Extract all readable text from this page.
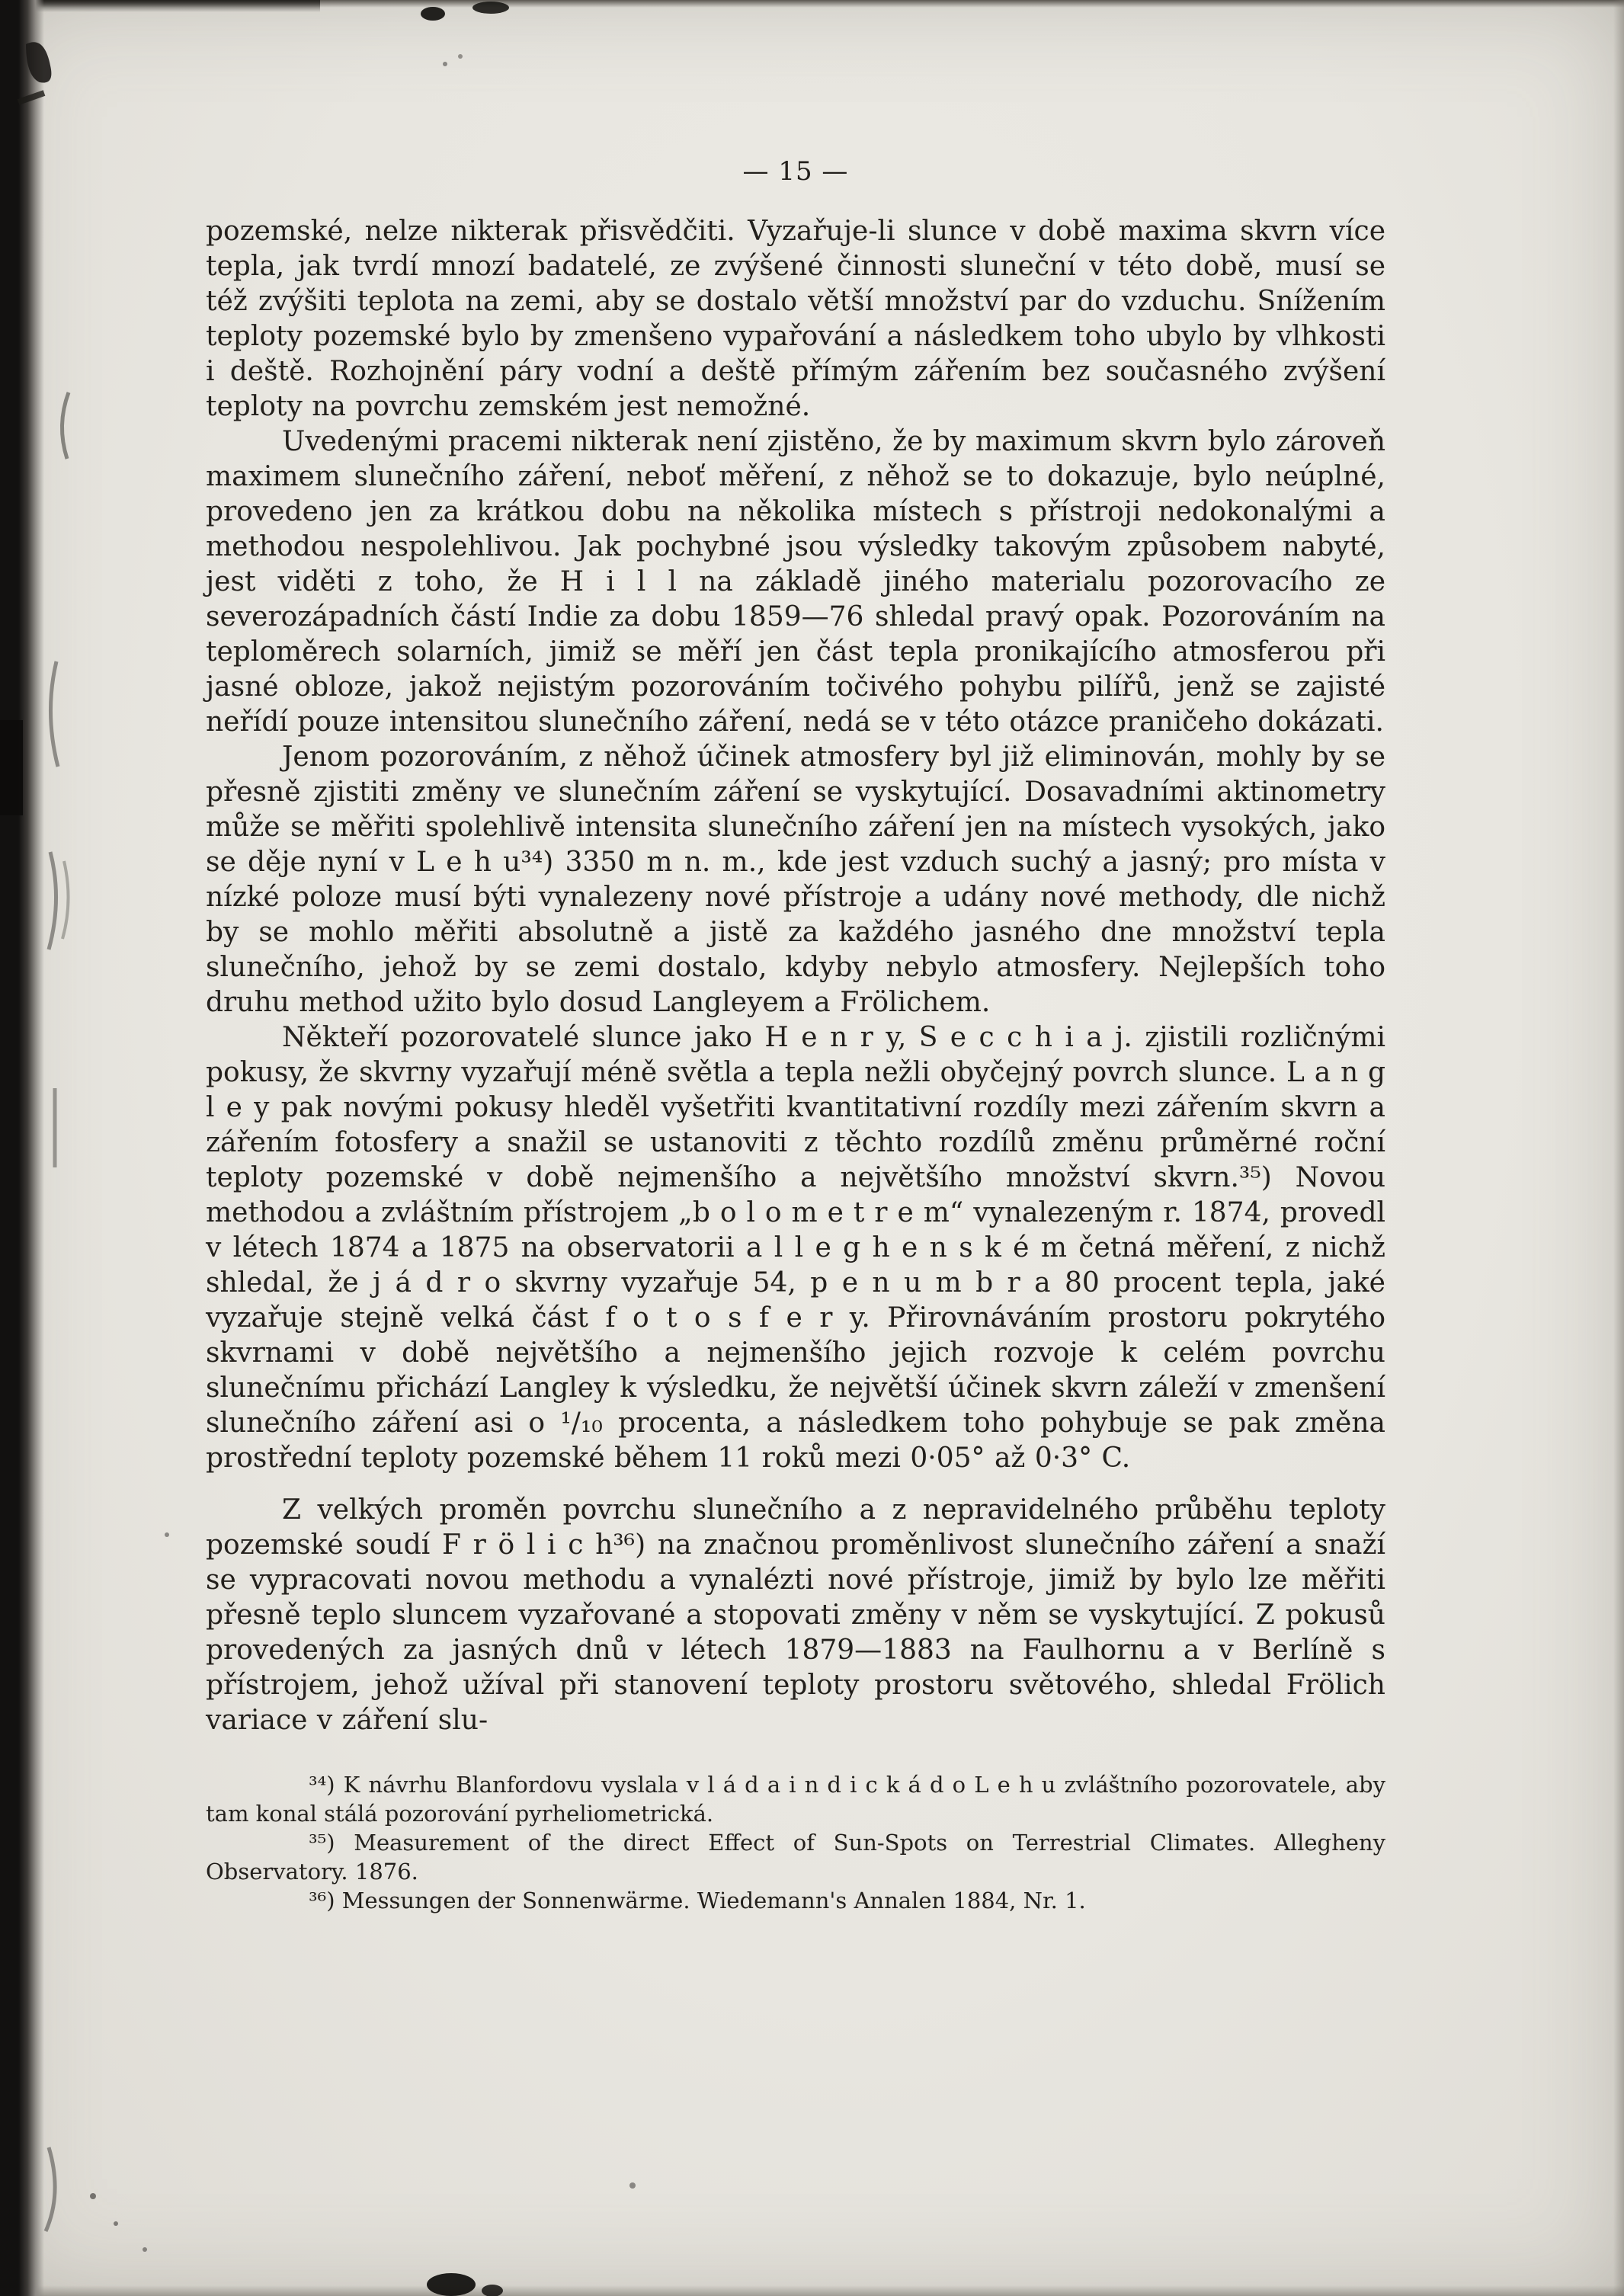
— 15 —

pozemské, nelze nikterak přisvědčiti. Vyzařuje-li slunce v době maxima skvrn více tepla, jak tvrdí mnozí badatelé, ze zvýšené činnosti sluneční v této době, musí se též zvýšiti teplota na zemi, aby se dostalo větší množství par do vzduchu. Snížením teploty pozemské bylo by zmenšeno vypařování a následkem toho ubylo by vlhkosti i deště. Rozhojnění páry vodní a deště přímým zářením bez současného zvýšení teploty na povrchu zemském jest nemožné.

Uvedenými pracemi nikterak není zjistěno, že by maximum skvrn bylo zároveň maximem slunečního záření, neboť měření, z něhož se to dokazuje, bylo neúplné, provedeno jen za krátkou dobu na několika místech s přístroji nedokonalými a methodou nespolehlivou. Jak pochybné jsou výsledky takovým způsobem nabyté, jest viděti z toho, že H i l l na základě jiného materialu pozorovacího ze severozápadních částí Indie za dobu 1859—76 shledal pravý opak. Pozorováním na teploměrech solarních, jimiž se měří jen část tepla pronikajícího atmosferou při jasné obloze, jakož nejistým pozorováním točivého pohybu pilířů, jenž se zajisté neřídí pouze intensitou slunečního záření, nedá se v této otázce praničeho dokázati.

Jenom pozorováním, z něhož účinek atmosfery byl již eliminován, mohly by se přesně zjistiti změny ve slunečním záření se vyskytující. Dosavadními aktinometry může se měřiti spolehlivě intensita slunečního záření jen na místech vysokých, jako se děje nyní v L e h u³⁴) 3350 m n. m., kde jest vzduch suchý a jasný; pro místa v nízké poloze musí býti vynalezeny nové přístroje a udány nové methody, dle nichž by se mohlo měřiti absolutně a jistě za každého jasného dne množství tepla slunečního, jehož by se zemi dostalo, kdyby nebylo atmosfery. Nejlepších toho druhu method užito bylo dosud Langleyem a Frölichem.

Někteří pozorovatelé slunce jako H e n r y, S e c c h i a j. zjistili rozličnými pokusy, že skvrny vyzařují méně světla a tepla nežli obyčejný povrch slunce. L a n g l e y pak novými pokusy hleděl vyšetřiti kvantitativní rozdíly mezi zářením skvrn a zářením fotosfery a snažil se ustanoviti z těchto rozdílů změnu průměrné roční teploty pozemské v době nejmenšího a největšího množství skvrn.³⁵) Novou methodou a zvláštním přístrojem „b o l o m e t r e m“ vynalezeným r. 1874, provedl v létech 1874 a 1875 na observatorii a l l e g h e n s k é m četná měření, z nichž shledal, že j á d r o skvrny vyzařuje 54, p e n u m b r a 80 procent tepla, jaké vyzařuje stejně velká část f o t o s f e r y. Přirovnáváním prostoru pokrytého skvrnami v době největšího a nejmenšího jejich rozvoje k celém povrchu slunečnímu přichází Langley k výsledku, že největší účinek skvrn záleží v zmenšení slunečního záření asi o ¹/₁₀ procenta, a následkem toho pohybuje se pak změna prostřední teploty pozemské během 11 roků mezi 0·05° až 0·3° C.

Z velkých proměn povrchu slunečního a z nepravidelného průběhu teploty pozemské soudí F r ö l i c h³⁶) na značnou proměnlivost slunečního záření a snaží se vypracovati novou methodu a vynalézti nové přístroje, jimiž by bylo lze měřiti přesně teplo sluncem vyzařované a stopovati změny v něm se vyskytující. Z pokusů provedených za jasných dnů v létech 1879—1883 na Faulhornu a v Berlíně s přístrojem, jehož užíval při stanovení teploty prostoru světového, shledal Frölich variace v záření slu-

³⁴) K návrhu Blanfordovu vyslala v l á d a i n d i c k á d o L e h u zvláštního pozorovatele, aby tam konal stálá pozorování pyrheliometrická.

³⁵) Measurement of the direct Effect of Sun-Spots on Terrestrial Climates. Allegheny Observatory. 1876.

³⁶) Messungen der Sonnenwärme. Wiedemann's Annalen 1884, Nr. 1.
